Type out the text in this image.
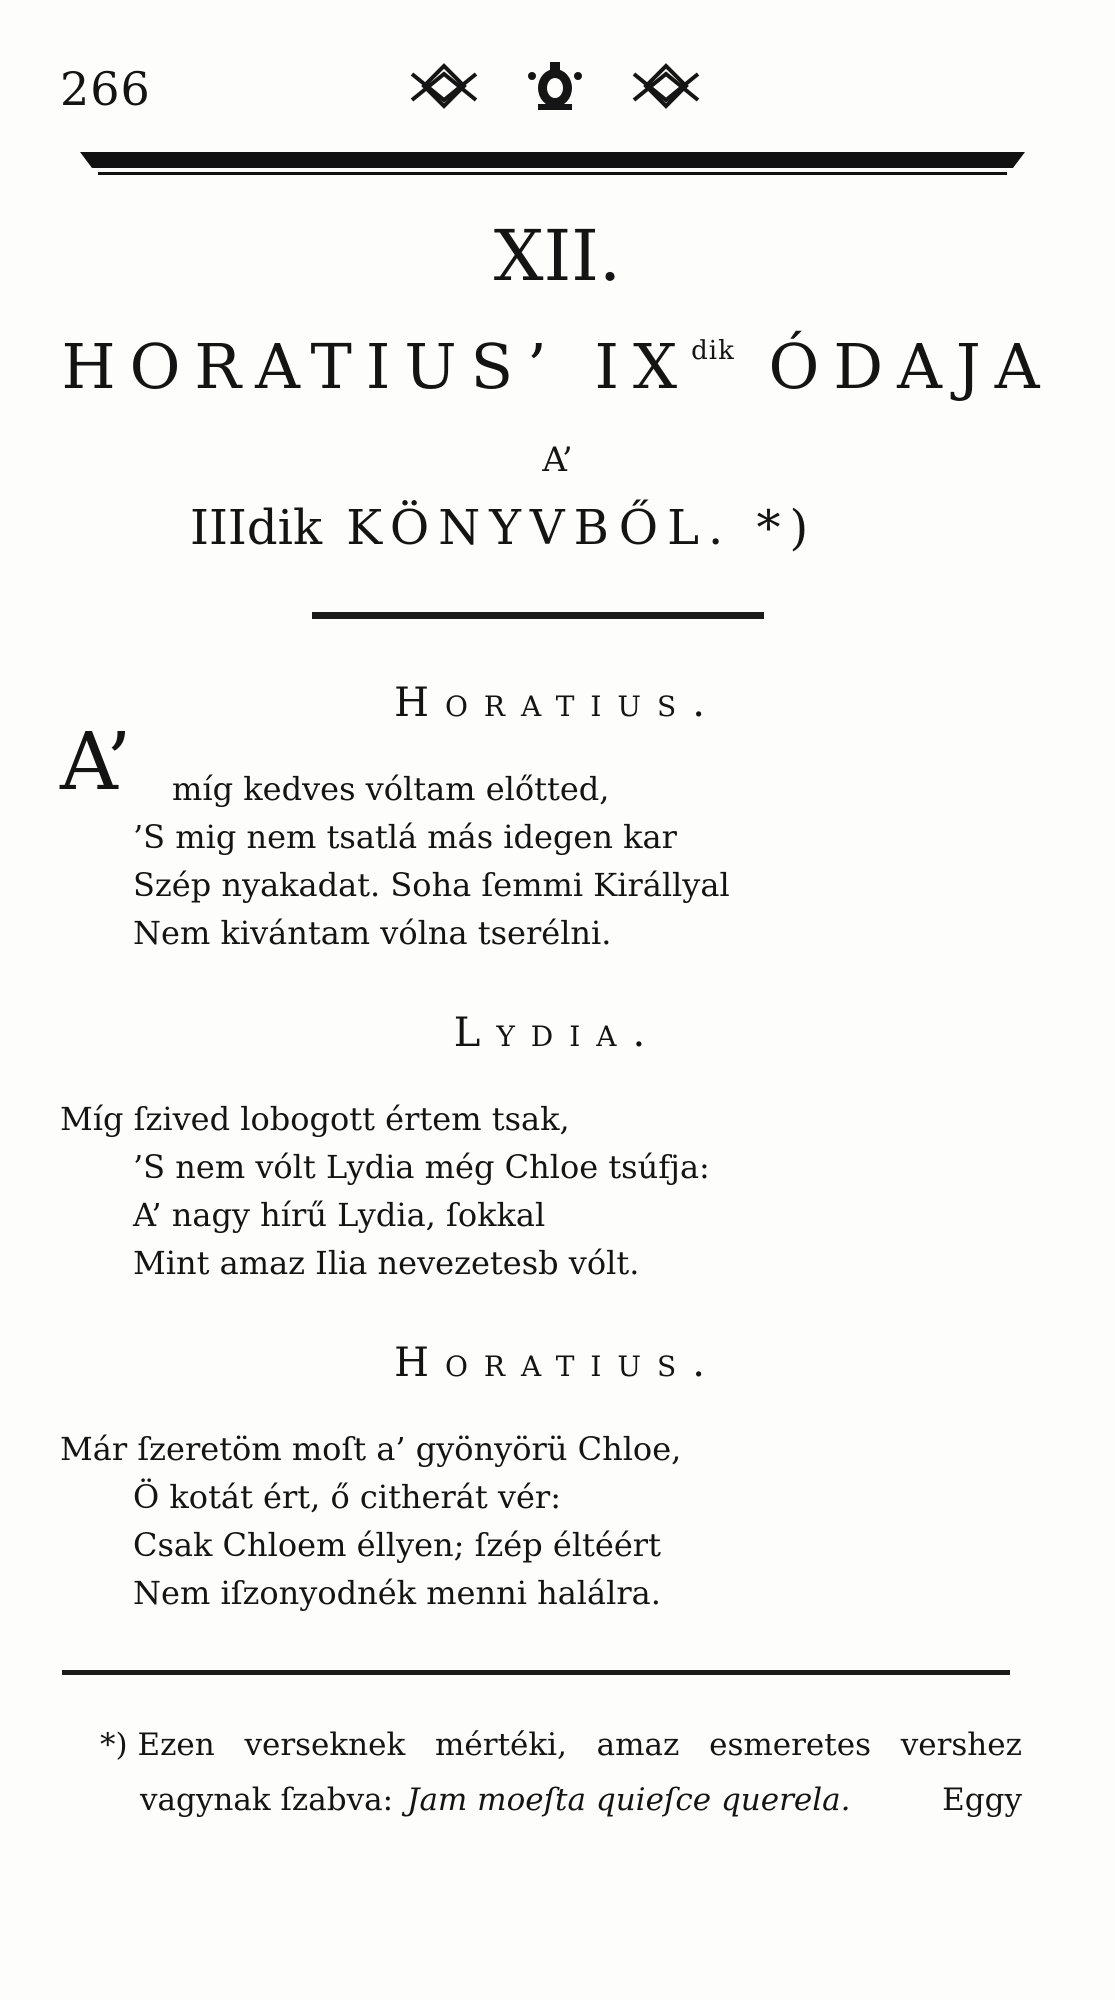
266
XII.
HORATIUS’ $IX^{dik}$ ÓDAJA
A’
IIIdik KÖNYVBŐL. *)
Horatius.
A’ míg kedves vóltam előtted,
’S mig nem tsatlá más idegen kar
Szép nyakadat. Soha ſemmi Királlyal
Nem kivántam vólna tserélni.
Lydia.
Míg ſzived lobogott értem tsak,
’S nem vólt Lydia még Chloe tsúfja:
A’ nagy hírű Lydia, ſokkal
Mint amaz Ilia nevezetesb vólt.
Horatius.
Már ſzeretöm moſt a’ gyönyörü Chloe,
Ö kotát ért, ő citherát vér:
Csak Chloem éllyen; ſzép éltéért
Nem iſzonyodnék menni halálra.
*) Ezen verseknek mértéki, amaz esmeretes vershez
vagynak ſzabva: Jam moeſta quieſce querela.	Eggy
